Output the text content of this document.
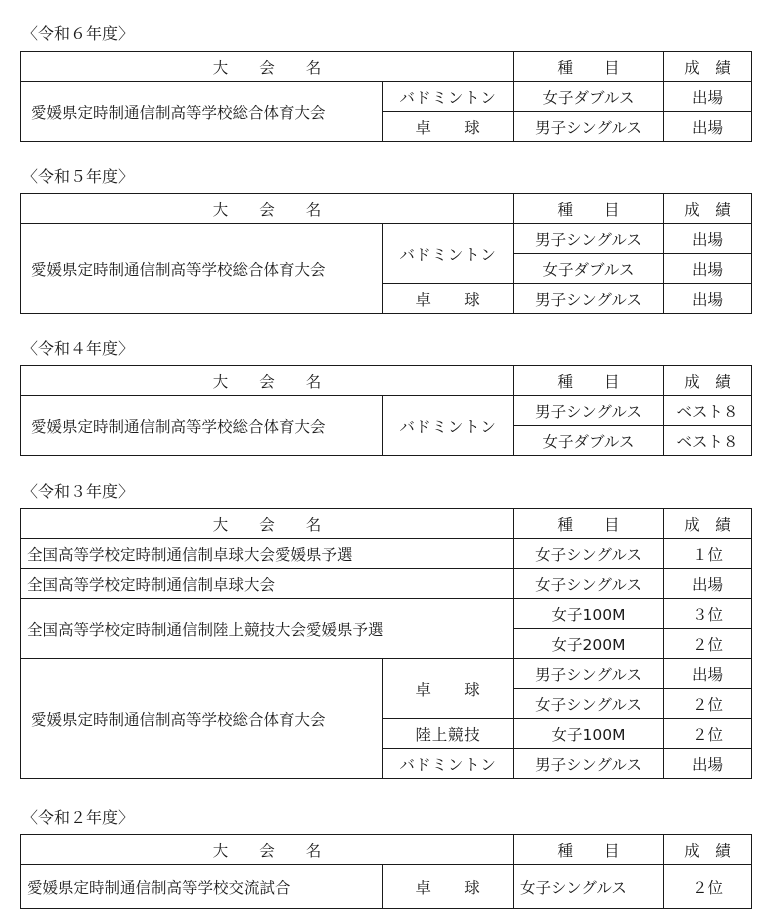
〈令和６年度〉
大　　会　　名		種　　目	成　績
愛媛県定時制通信制高等学校総合体育大会	バドミントン	女子ダブルス	出場
	卓　　球	男子シングルス	出場
〈令和５年度〉
大　　会　　名		種　　目	成　績
愛媛県定時制通信制高等学校総合体育大会	バドミントン	男子シングルス	出場
		女子ダブルス	出場
	卓　　球	男子シングルス	出場
〈令和４年度〉
大　　会　　名		種　　目	成　績
愛媛県定時制通信制高等学校総合体育大会	バドミントン	男子シングルス	ベスト８
		女子ダブルス	ベスト８
〈令和３年度〉
大　　会　　名		種　　目	成　績
全国高等学校定時制通信制卓球大会愛媛県予選		女子シングルス	１位
全国高等学校定時制通信制卓球大会		女子シングルス	出場
全国高等学校定時制通信制陸上競技大会愛媛県予選		女子100M	３位
		女子200M	２位
愛媛県定時制通信制高等学校総合体育大会	卓　　球	男子シングルス	出場
		女子シングルス	２位
	陸上競技	女子100M	２位
	バドミントン	男子シングルス	出場
〈令和２年度〉
大　　会　　名		種　　目	成　績
愛媛県定時制通信制高等学校交流試合	卓　　球	女子シングルス	２位
